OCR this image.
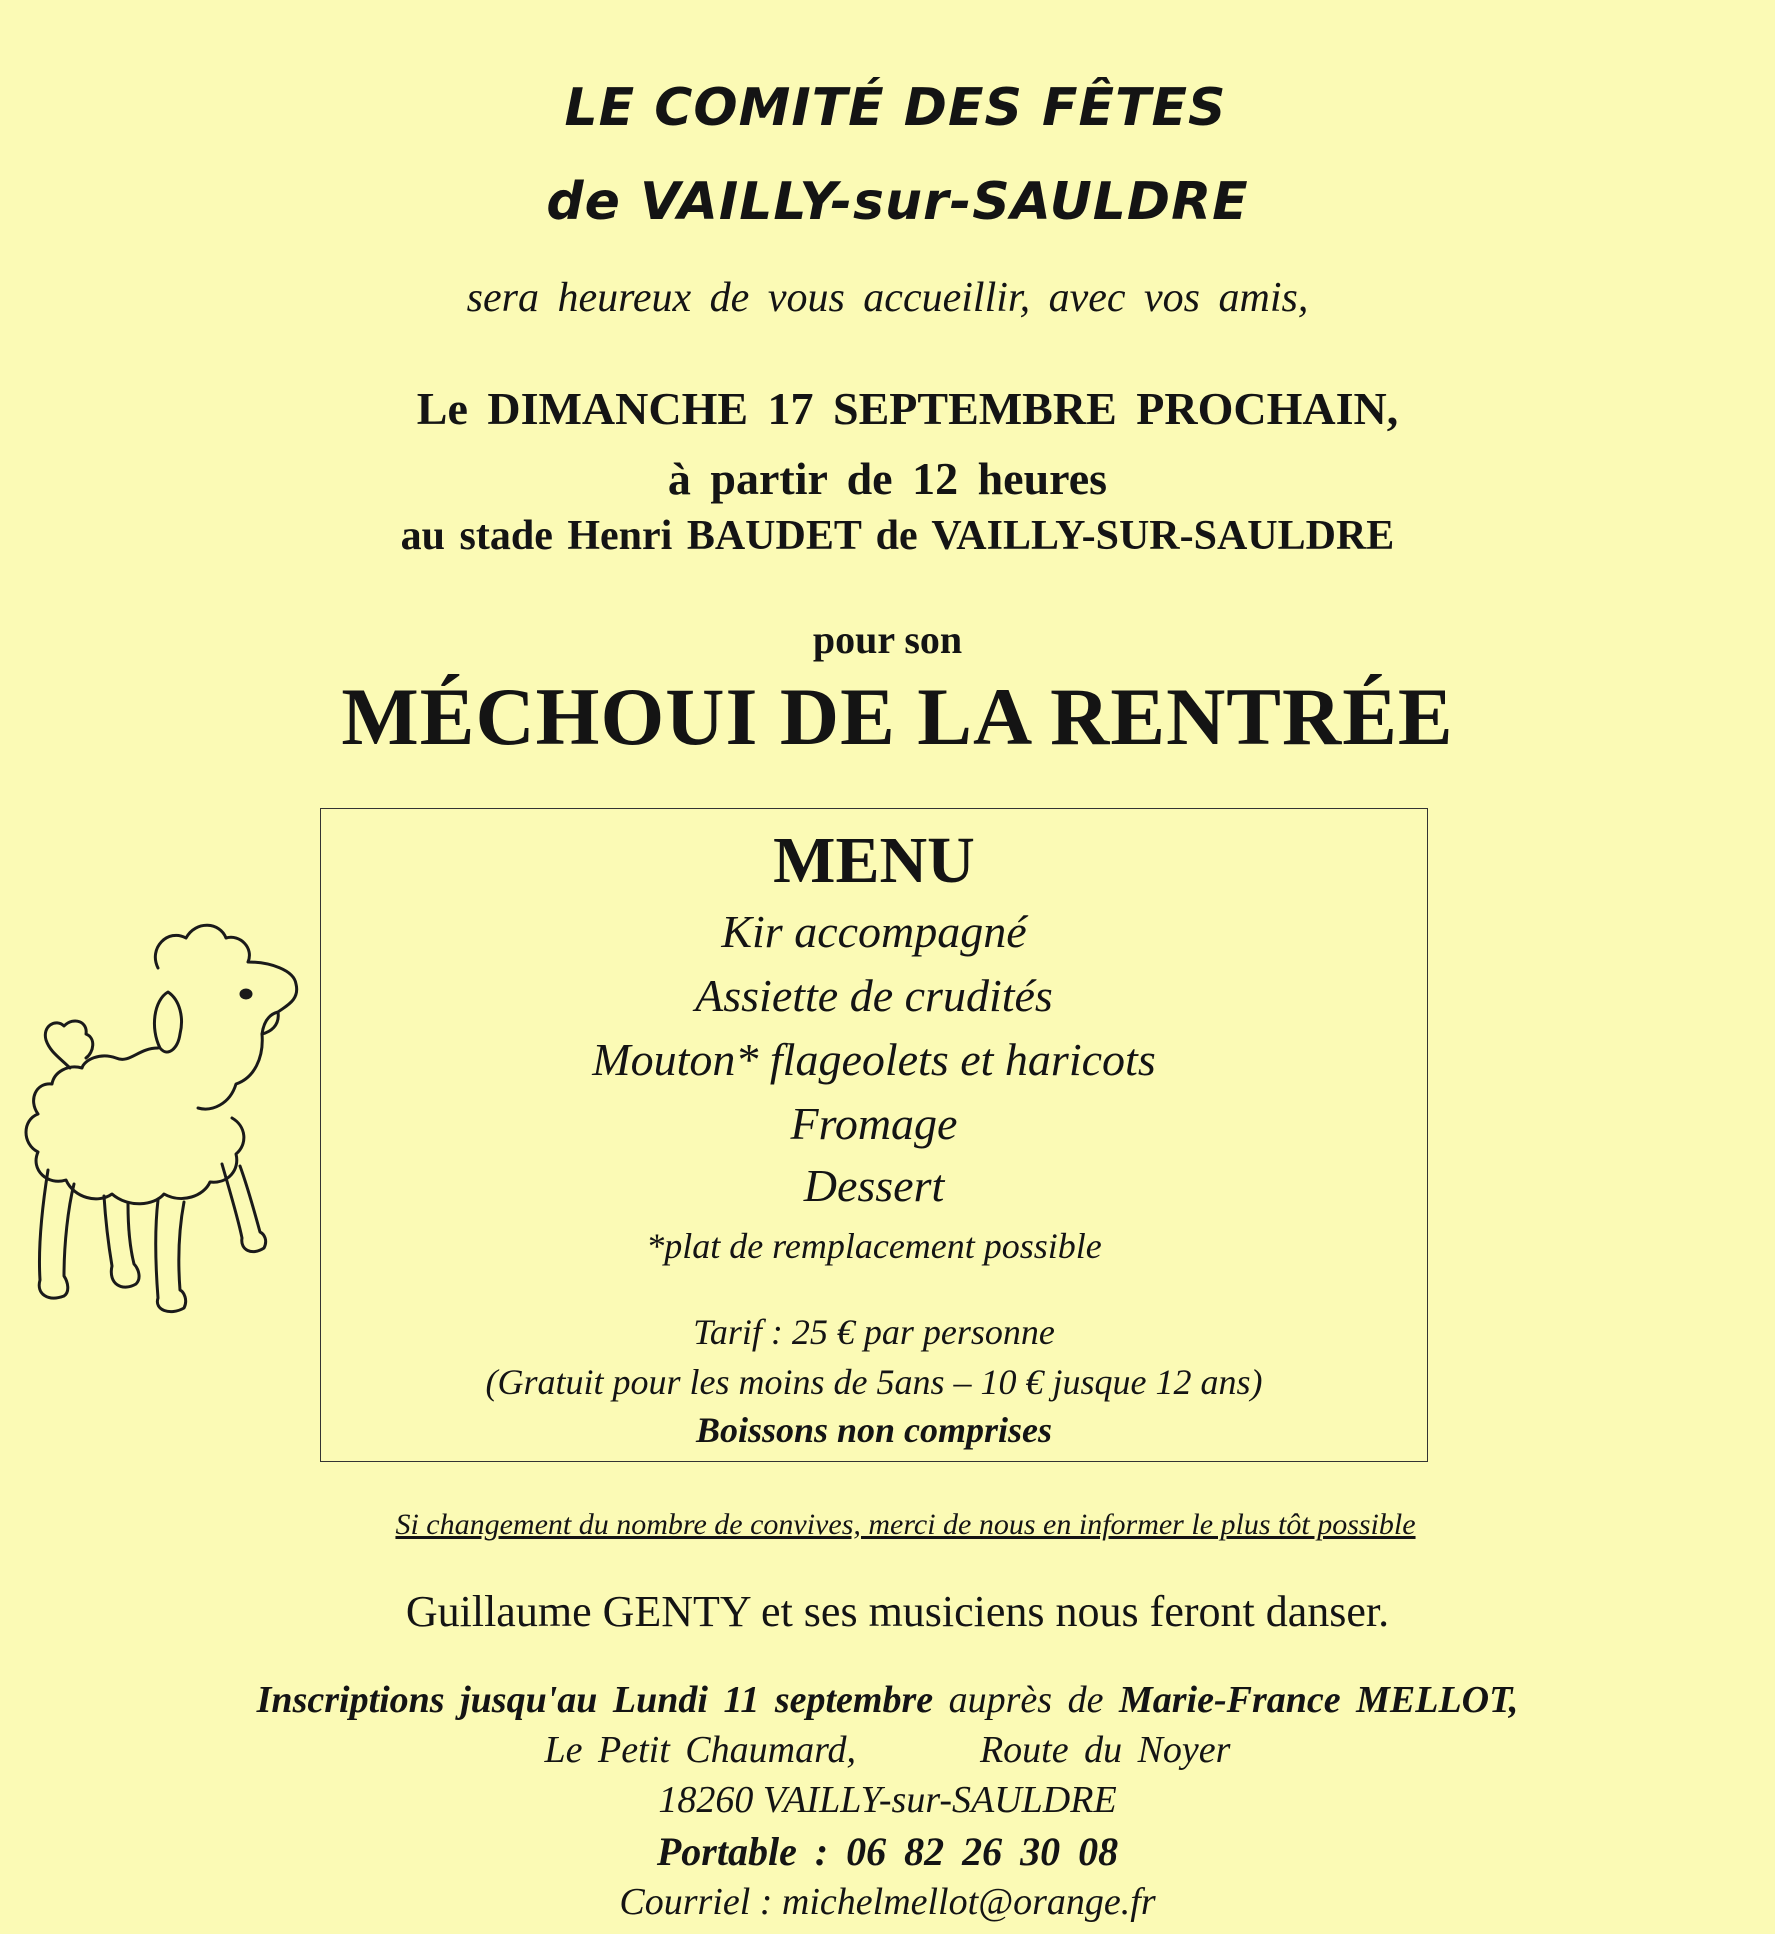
LE COMITÉ DES FÊTES

de VAILLY-sur-SAULDRE

sera heureux de vous accueillir, avec vos amis,

Le DIMANCHE 17 SEPTEMBRE PROCHAIN,

à partir de 12 heures

au stade Henri BAUDET de VAILLY-SUR-SAULDRE

pour son

MÉCHOUI DE LA RENTRÉE

MENU

Kir accompagné

Assiette de crudités

Mouton* flageolets et haricots

Fromage

Dessert

*plat de remplacement possible

Tarif : 25 € par personne

(Gratuit pour les moins de 5ans – 10 € jusque 12 ans)

Boissons non comprises

Si changement du nombre de convives, merci de nous en informer le plus tôt possible

Guillaume GENTY et ses musiciens nous feront danser.

Inscriptions jusqu'au Lundi 11 septembre auprès de Marie-France MELLOT,

Le Petit Chaumard,        Route du Noyer

18260 VAILLY-sur-SAULDRE

Portable : 06 82 26 30 08

Courriel : michelmellot@orange.fr
